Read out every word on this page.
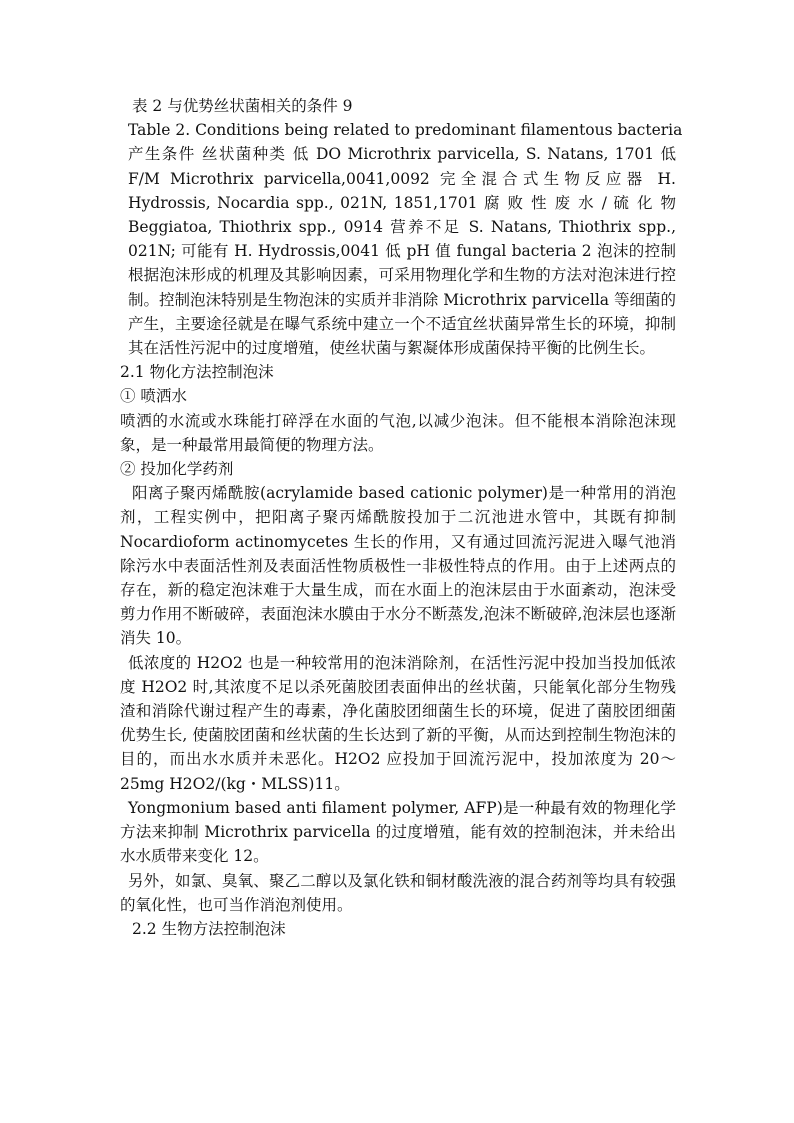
表 2 与优势丝状菌相关的条件 9
Table 2. Conditions being related to predominant filamentous bacteria
产生条件 丝状菌种类 低 DO Microthrix parvicella, S. Natans, 1701 低 F/M Microthrix parvicella,0041,0092 完全混合式生物反应器 H. Hydrossis, Nocardia spp., 021N, 1851,1701 腐 败 性 废 水 / 硫 化 物 Beggiatoa, Thiothrix spp., 0914 营养不足 S. Natans, Thiothrix spp., 021N; 可能有 H. Hydrossis,0041 低 pH 值 fungal bacteria 2 泡沫的控制 根据泡沫形成的机理及其影响因素，可采用物理化学和生物的方法对泡沫进行控制。控制泡沫特别是生物泡沫的实质并非消除 Microthrix parvicella 等细菌的产生，主要途径就是在曝气系统中建立一个不适宜丝状菌异常生长的环境，抑制其在活性污泥中的过度增殖，使丝状菌与絮凝体形成菌保持平衡的比例生长。
2.1 物化方法控制泡沫
① 喷洒水
喷洒的水流或水珠能打碎浮在水面的气泡,以减少泡沫。但不能根本消除泡沫现象，是一种最常用最简便的物理方法。
② 投加化学药剂
阳离子聚丙烯酰胺(acrylamide based cationic polymer)是一种常用的消泡剂，工程实例中，把阳离子聚丙烯酰胺投加于二沉池进水管中，其既有抑制 Nocardioform actinomycetes 生长的作用，又有通过回流污泥进入曝气池消除污水中表面活性剂及表面活性物质极性一非极性特点的作用。由于上述两点的存在，新的稳定泡沫难于大量生成，而在水面上的泡沫层由于水面紊动，泡沫受剪力作用不断破碎，表面泡沫水膜由于水分不断蒸发,泡沫不断破碎,泡沫层也逐渐消失 10。
低浓度的 H2O2 也是一种较常用的泡沫消除剂，在活性污泥中投加当投加低浓度 H2O2 时,其浓度不足以杀死菌胶团表面伸出的丝状菌，只能氧化部分生物残渣和消除代谢过程产生的毒素，净化菌胶团细菌生长的环境，促进了菌胶团细菌优势生长, 使菌胶团菌和丝状菌的生长达到了新的平衡，从而达到控制生物泡沫的目的，而出水水质并未恶化。H2O2 应投加于回流污泥中，投加浓度为 20～25mg H2O2/(kg・MLSS)11。
Yongmonium based anti filament polymer, AFP)是一种最有效的物理化学方法来抑制 Microthrix parvicella 的过度增殖，能有效的控制泡沫，并未给出水水质带来变化 12。
另外，如氯、臭氧、聚乙二醇以及氯化铁和铜材酸洗液的混合药剂等均具有较强的氧化性，也可当作消泡剂使用。
2.2 生物方法控制泡沫
